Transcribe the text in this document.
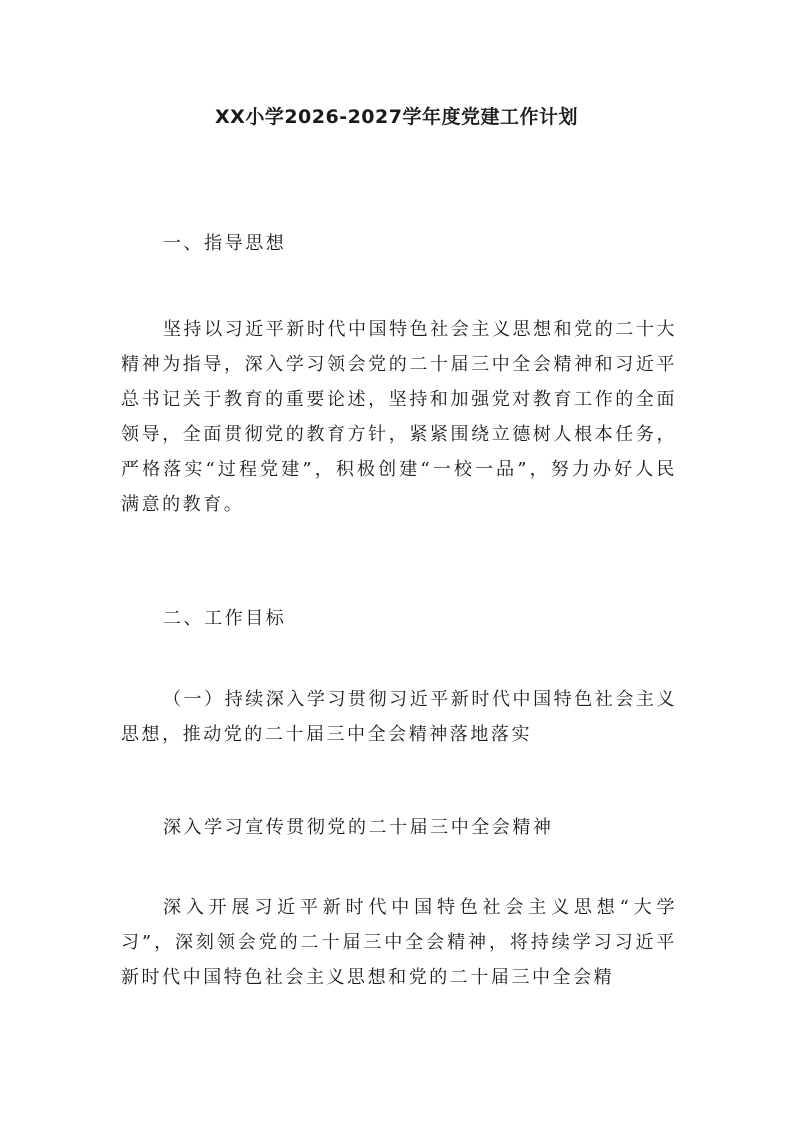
XX小学2026-2027学年度党建工作计划

一、指导思想

坚持以习近平新时代中国特色社会主义思想和党的二十大精神为指导，深入学习领会党的二十届三中全会精神和习近平总书记关于教育的重要论述，坚持和加强党对教育工作的全面领导，全面贯彻党的教育方针，紧紧围绕立德树人根本任务，严格落实“过程党建”，积极创建“一校一品”，努力办好人民满意的教育。

二、工作目标

（一）持续深入学习贯彻习近平新时代中国特色社会主义思想，推动党的二十届三中全会精神落地落实

深入学习宣传贯彻党的二十届三中全会精神

深入开展习近平新时代中国特色社会主义思想“大学习”，深刻领会党的二十届三中全会精神，将持续学习习近平新时代中国特色社会主义思想和党的二十届三中全会精
